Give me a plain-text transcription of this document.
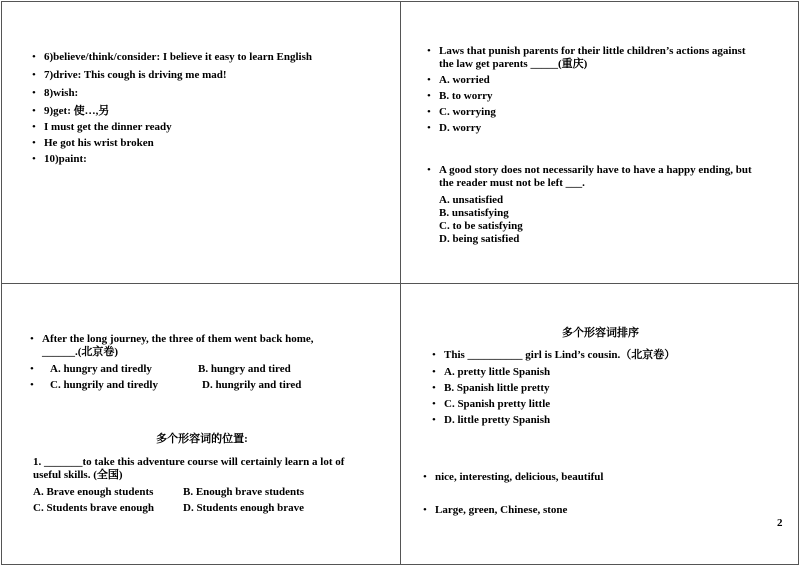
• 6)believe/think/consider: I believe it easy to learn English
• 7)drive: This cough is driving me mad!
• 8)wish:
• 9)get: 使…,另
• I must get the dinner ready
• He got his wrist broken
• 10)paint:
• Laws that punish parents for their little children’s actions against
the law get parents _____(重庆)
• A. worried
• B. to worry
• C. worrying
• D. worry
• A good story does not necessarily have to have a happy ending, but
the reader must not be left ___.
A. unsatisfied
B. unsatisfying
C. to be satisfying
D. being satisfied
• After the long journey, the three of them went back home,
______.(北京卷)
• A. hungry and tiredly	B. hungry and tired
• C. hungrily and tiredly	D. hungrily and tired
多个形容词的位置:
1. _______to take this adventure course will certainly learn a lot of
useful skills. (全国)
A. Brave enough students	B. Enough brave students
C. Students brave enough	D. Students enough brave
多个形容词排序
• This __________ girl is Lind’s cousin.（北京卷）
• A. pretty little Spanish
• B. Spanish little pretty
• C. Spanish pretty little
• D. little pretty Spanish
• nice, interesting, delicious, beautiful
• Large, green, Chinese, stone
2
